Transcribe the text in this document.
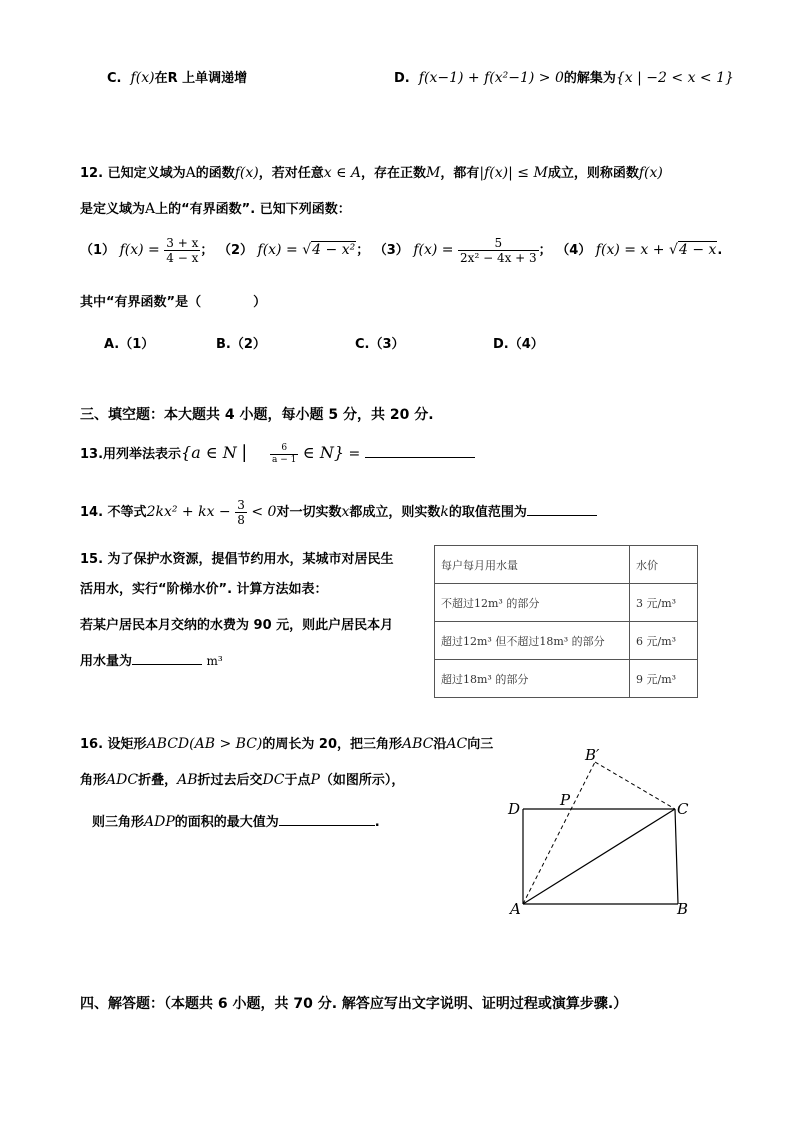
C. f(x)在R 上单调递增	D. f(x−1) + f(x²−1) > 0的解集为{x | −2 < x < 1}
12. 已知定义域为A的函数f(x)，若对任意x ∈ A，存在正数M，都有|f(x)| ≤ M成立，则称函数f(x)
是定义域为A上的“有界函数”. 已知下列函数：
（1） $f(x) = \frac{3 + x}{4 - x}$ ； （2） f(x) = √4 − x²； （3） $f(x) = \frac{5}{\text{2x² − 4x + 3}}$ ； （4） f(x) = x + √4 − x.
其中“有界函数”是（　　　　）
A.（1）	B.（2）	C.（3）	D.（4）
三、填空题：本大题共 4 小题，每小题 5 分，共 20 分.
13.用列举法表示{a ∈ N |	$\frac{6}{a - 1}$ ∈ N} =
14. 不等式2kx² + kx − $\frac{3}{8} < 0$对一切实数x都成立，则实数k的取值范围为
15. 为了保护水资源，提倡节约用水，某城市对居民生
活用水，实行“阶梯水价”. 计算方法如表：
若某户居民本月交纳的水费为 90 元，则此户居民本月
用水量为	m³
每户每月用水量	水价
不超过12m³ 的部分	3 元/m³
超过12m³ 但不超过18m³ 的部分	6 元/m³
超过18m³ 的部分	9 元/m³
16. 设矩形ABCD(AB > BC)的周长为 20，把三角形ABC沿AC向三
角形ADC折叠，AB折过去后交DC于点P（如图所示），
则三角形ADP的面积的最大值为	.
A	B
C
D	P
B′
四、解答题：（本题共 6 小题，共 70 分. 解答应写出文字说明、证明过程或演算步骤.）
